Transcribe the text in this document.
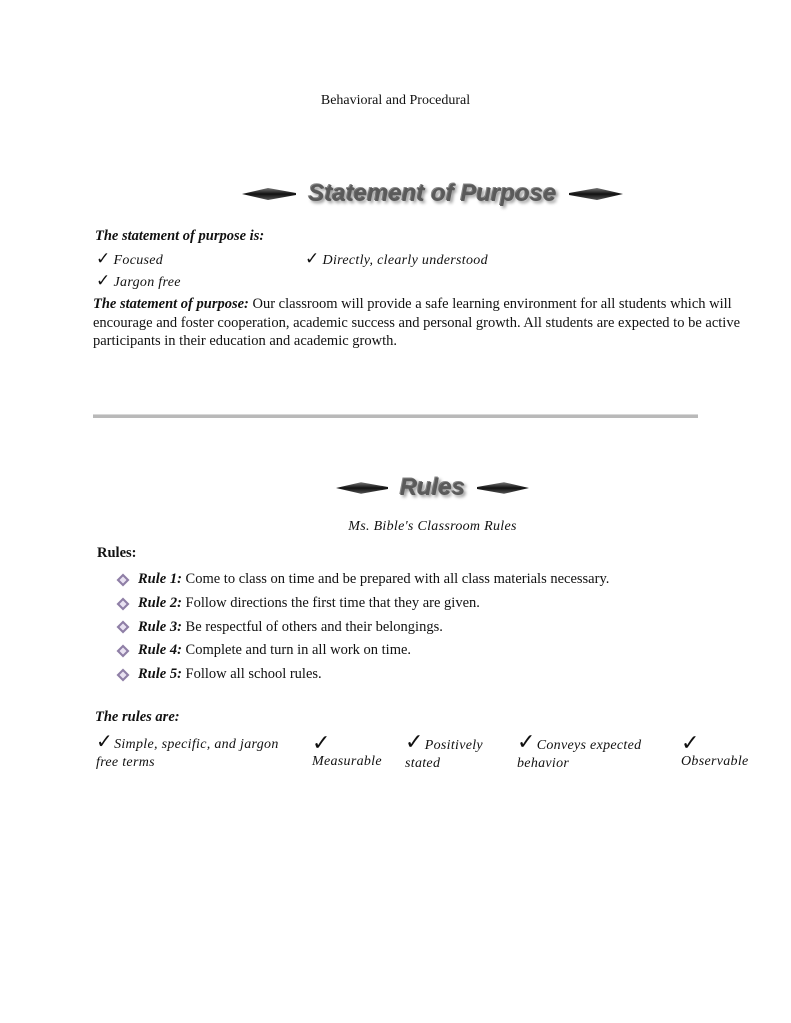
Behavioral and Procedural
Statement of Purpose
The statement of purpose is:
✓ Focused	✓ Directly, clearly understood
✓ Jargon free
The statement of purpose: Our classroom will provide a safe learning environment for all students which will encourage and foster cooperation, academic success and personal growth. All students are expected to be active participants in their education and academic growth.
Rules
Ms. Bible's Classroom Rules
Rules:
Rule 1: Come to class on time and be prepared with all class materials necessary.
Rule 2: Follow directions the first time that they are given.
Rule 3: Be respectful of others and their belongings.
Rule 4: Complete and turn in all work on time.
Rule 5: Follow all school rules.
The rules are:
✓Simple, specific, and jargon free terms
✓
Measurable
✓Positively stated
✓Conveys expected behavior
✓
Observable
